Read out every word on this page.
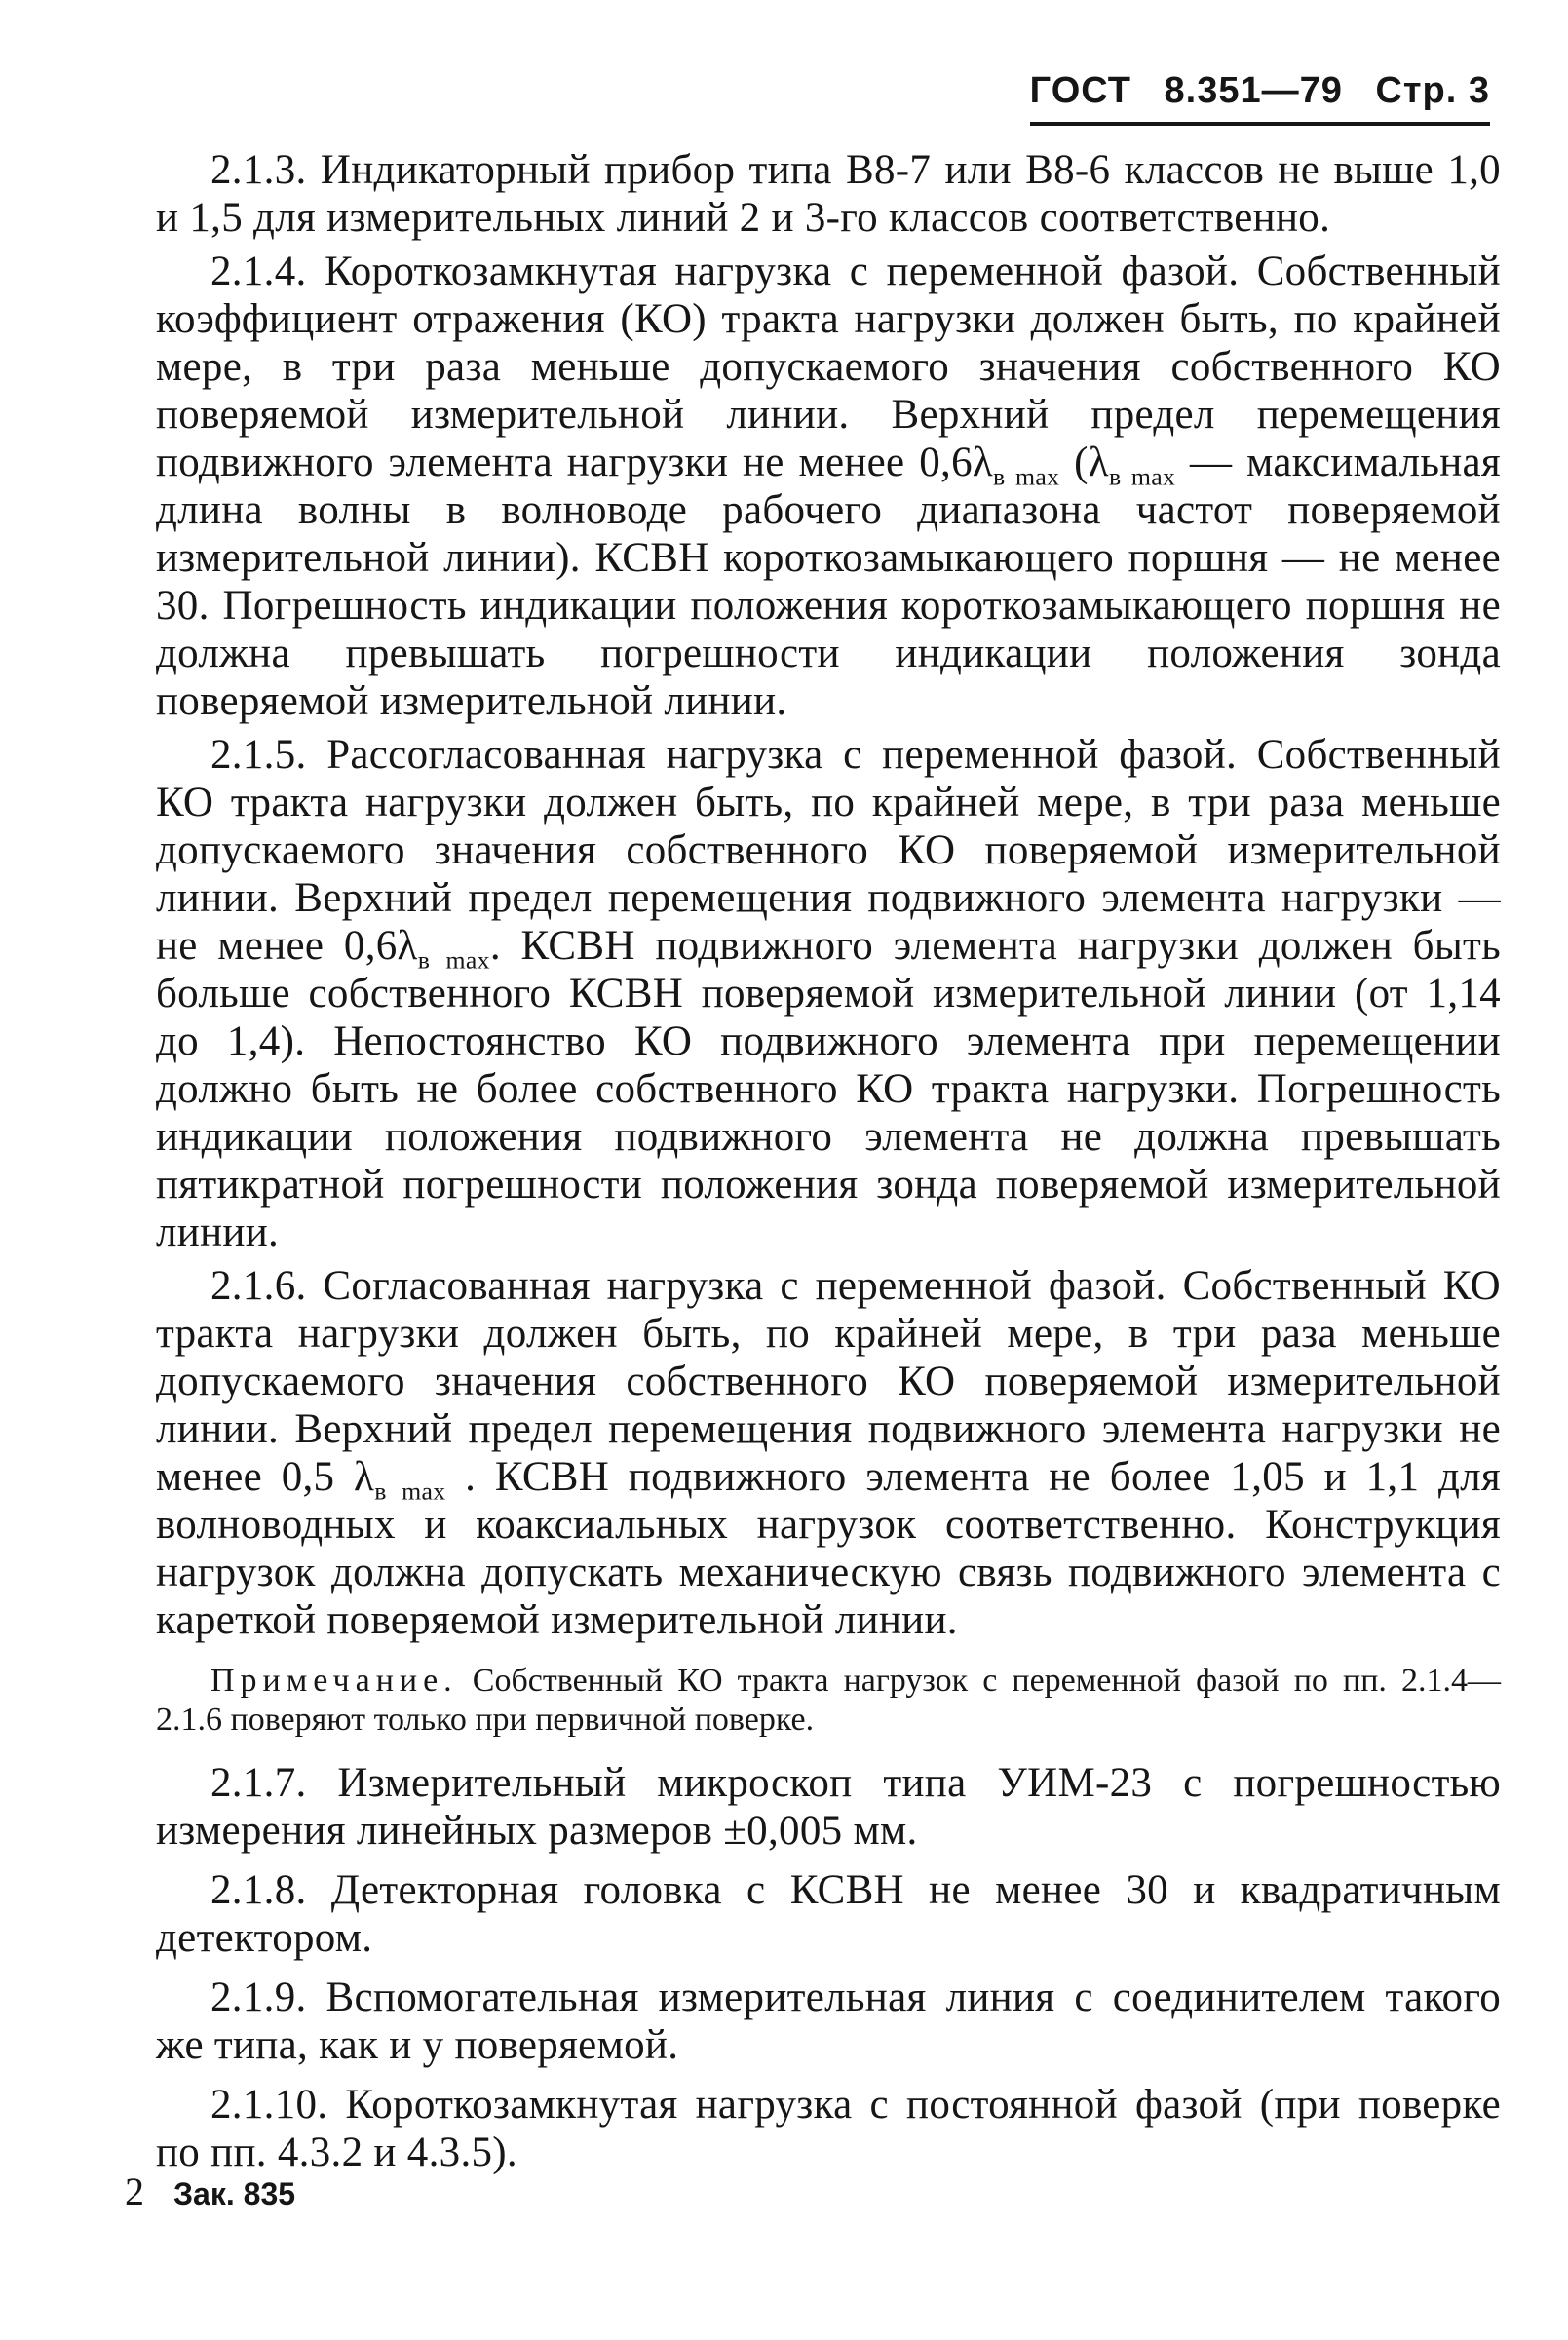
ГОСТ 8.351—79 Стр. 3

2.1.3. Индикаторный прибор типа В8-7 или В8-6 классов не выше 1,0 и 1,5 для измерительных линий 2 и 3-го классов соответственно.

2.1.4. Короткозамкнутая нагрузка с переменной фазой. Собственный коэффициент отражения (КО) тракта нагрузки должен быть, по крайней мере, в три раза меньше допускаемого значения собственного КО поверяемой измерительной линии. Верхний предел перемещения подвижного элемента нагрузки не менее $0,6\lambda_{в max}$ ($\lambda_{в max}$ — максимальная длина волны в волноводе рабочего диапазона частот поверяемой измерительной линии). КСВН короткозамыкающего поршня — не менее 30. Погрешность индикации положения короткозамыкающего поршня не должна превышать погрешности индикации положения зонда поверяемой измерительной линии.

2.1.5. Рассогласованная нагрузка с переменной фазой. Собственный КО тракта нагрузки должен быть, по крайней мере, в три раза меньше допускаемого значения собственного КО поверяемой измерительной линии. Верхний предел перемещения подвижного элемента нагрузки — не менее $0,6\lambda_{в max}$. КСВН подвижного элемента нагрузки должен быть больше собственного КСВН поверяемой измерительной линии (от 1,14 до 1,4). Непостоянство КО подвижного элемента при перемещении должно быть не более собственного КО тракта нагрузки. Погрешность индикации положения подвижного элемента не должна превышать пятикратной погрешности положения зонда поверяемой измерительной линии.

2.1.6. Согласованная нагрузка с переменной фазой. Собственный КО тракта нагрузки должен быть, по крайней мере, в три раза меньше допускаемого значения собственного КО поверяемой измерительной линии. Верхний предел перемещения подвижного элемента нагрузки не менее 0,5 $\lambda_{в max}$ . КСВН подвижного элемента не более 1,05 и 1,1 для волноводных и коаксиальных нагрузок соответственно. Конструкция нагрузок должна допускать механическую связь подвижного элемента с кареткой поверяемой измерительной линии.

Примечание. Собственный КО тракта нагрузок с переменной фазой по пп. 2.1.4—2.1.6 поверяют только при первичной поверке.

2.1.7. Измерительный микроскоп типа УИМ-23 с погрешностью измерения линейных размеров ±0,005 мм.

2.1.8. Детекторная головка с КСВН не менее 30 и квадратичным детектором.

2.1.9. Вспомогательная измерительная линия с соединителем такого же типа, как и у поверяемой.

2.1.10. Короткозамкнутая нагрузка с постоянной фазой (при поверке по пп. 4.3.2 и 4.3.5).

2 Зак. 835
